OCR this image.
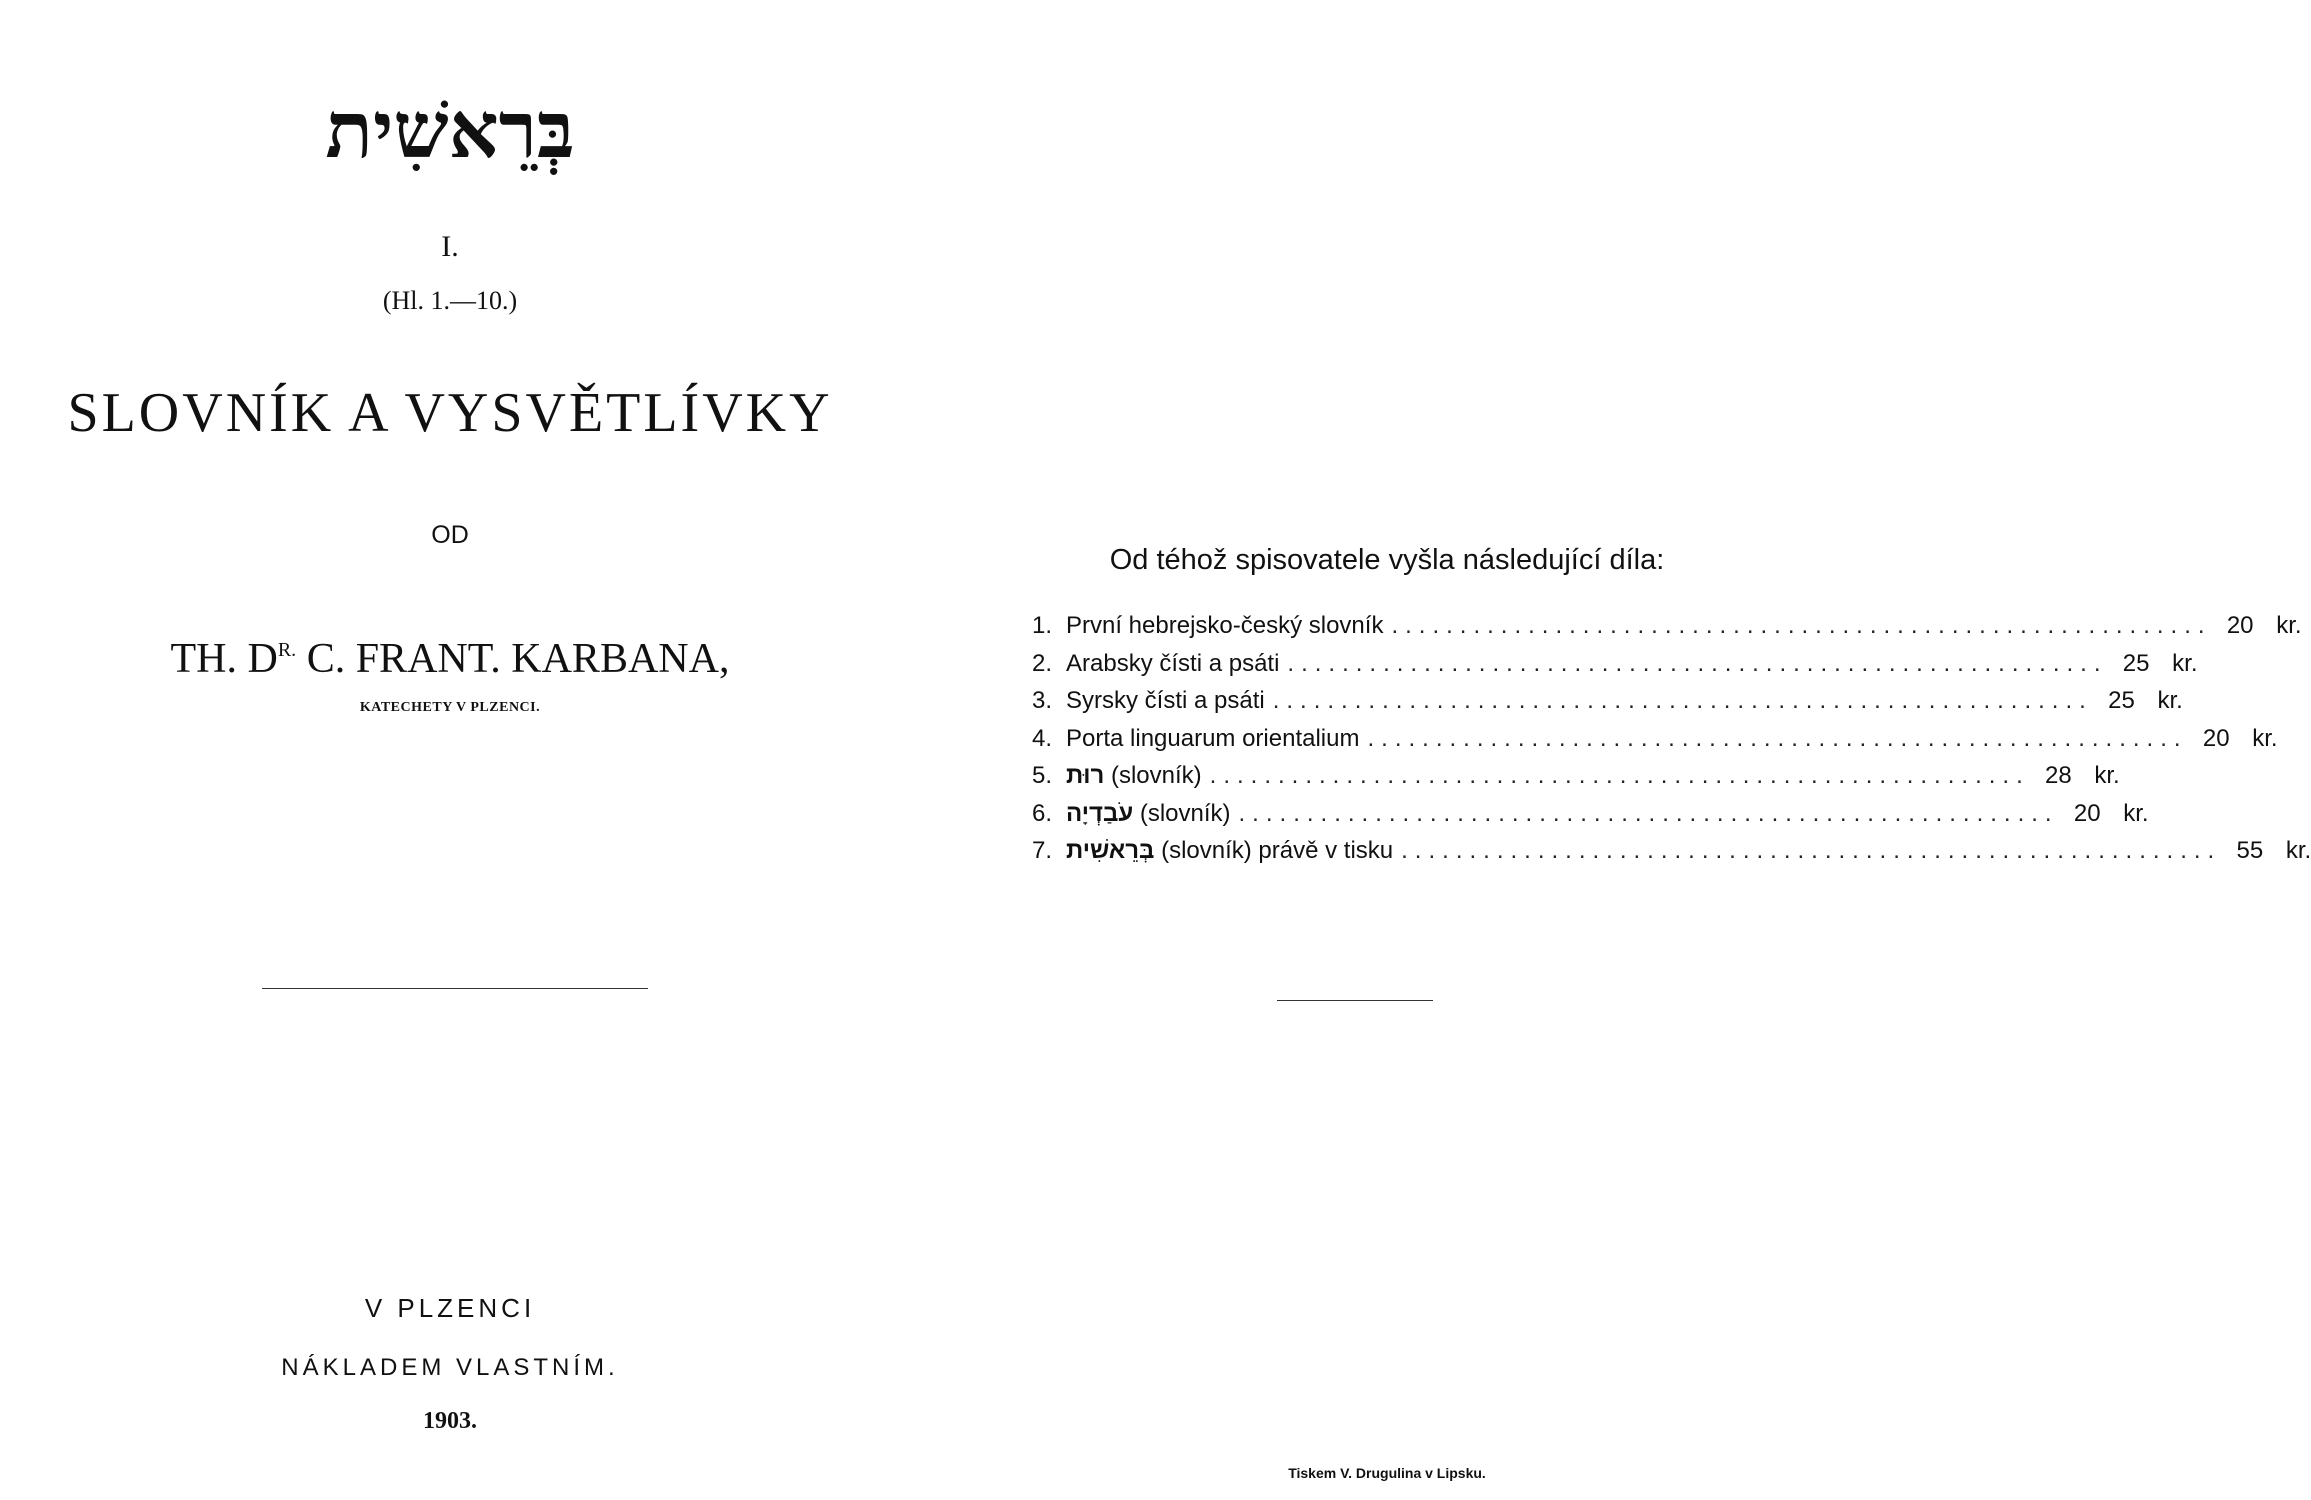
בְּרֵאשִׁית
I.
(Hl. 1.—10.)
SLOVNÍK A VYSVĚTLÍVKY
OD
TH. $D^{R.}$ C. FRANT. KARBANA,
KATECHETY V PLZENCI.
V PLZENCI
NÁKLADEM VLASTNÍM.
1903.
Od téhož spisovatele vyšla následující díla:
1. První hebrejsko-český slovník ............................................................ 20 kr.
2. Arabsky čísti a psáti ............................................................ 25 kr.
3. Syrsky čísti a psáti ............................................................ 25 kr.
4. Porta linguarum orientalium ............................................................ 20 kr.
5. רוּת (slovník) ............................................................ 28 kr.
6. עֹבַדְיָה (slovník) ............................................................ 20 kr.
7. בְּרֵאשִׁית (slovník) právě v tisku ............................................................ 55 kr.
Tiskem V. Drugulina v Lipsku.
